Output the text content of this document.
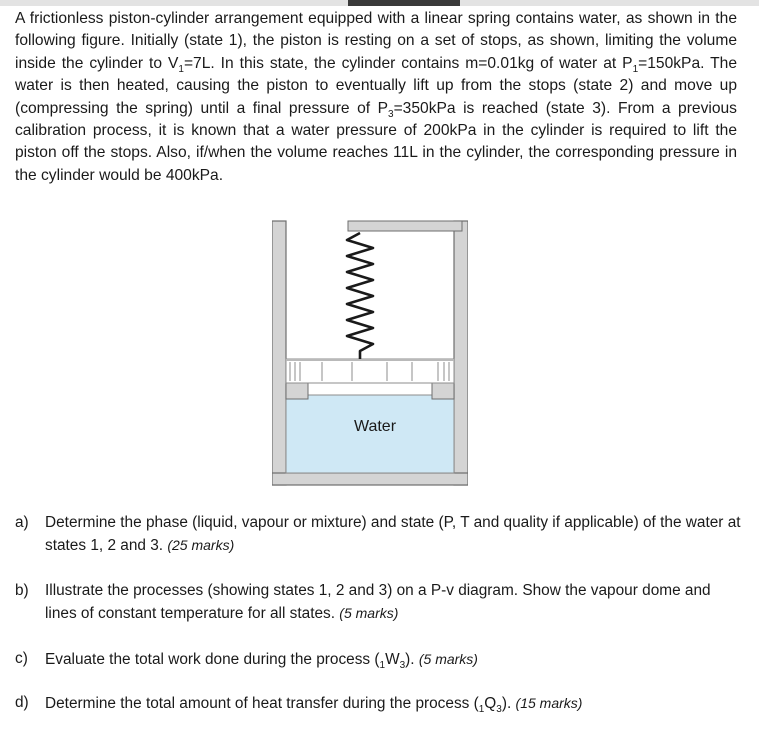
A frictionless piston-cylinder arrangement equipped with a linear spring contains water, as shown in the following figure. Initially (state 1), the piston is resting on a set of stops, as shown, limiting the volume inside the cylinder to $V_1=7L$. In this state, the cylinder contains m=0.01kg of water at $P_1=150kPa$. The water is then heated, causing the piston to eventually lift up from the stops (state 2) and move up (compressing the spring) until a final pressure of $P_3=350kPa$ is reached (state 3). From a previous calibration process, it is known that a water pressure of 200kPa in the cylinder is required to lift the piston off the stops. Also, if/when the volume reaches 11L in the cylinder, the corresponding pressure in the cylinder would be 400kPa.

Water
a) Determine the phase (liquid, vapour or mixture) and state (P, T and quality if applicable) of the water at states 1, 2 and 3. (25 marks)
b) Illustrate the processes (showing states 1, 2 and 3) on a P-v diagram. Show the vapour dome and lines of constant temperature for all states. (5 marks)
c) Evaluate the total work done during the process $(_1W_3)$. (5 marks)
d) Determine the total amount of heat transfer during the process $(_1Q_3)$. (15 marks)
